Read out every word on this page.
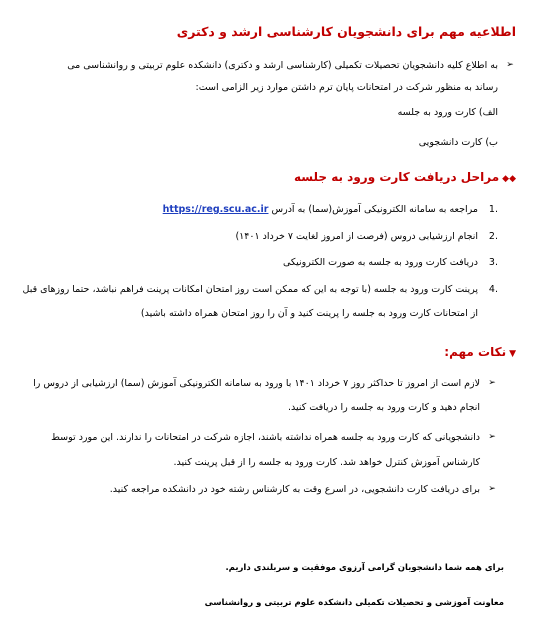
اطلاعیه مهم برای دانشجویان کارشناسی ارشد و دکتری
➢
به اطلاع کلیه دانشجویان تحصیلات تکمیلی (کارشناسی ارشد و دکتری) دانشکده علوم تربیتی و روانشناسی می
رساند به منظور شرکت در امتحانات پایان ترم داشتن موارد زیر الزامی است:
الف) کارت ورود به جلسه
ب) کارت دانشجویی
◆◆مراحل دریافت کارت ورود به جلسه
1.
مراجعه به سامانه الکترونیکی آموزش(سما) به آدرس https://reg.scu.ac.ir
2.
انجام ارزشیابی دروس (فرصت از امروز لغایت ۷ خرداد ۱۴۰۱)
3.
دریافت کارت ورود به جلسه به صورت الکترونیکی
4.
پرینت کارت ورود به جلسه (با توجه به این که ممکن است روز امتحان امکانات پرینت فراهم نباشد، حتما روزهای قبل
از امتحانات کارت ورود به جلسه را پرینت کنید و آن را روز امتحان همراه داشته باشید)
▼نکات مهم:
➢
لازم است از امروز تا حداکثر روز ۷ خرداد ۱۴۰۱ با ورود به سامانه الکترونیکی آموزش (سما) ارزشیابی از دروس را
انجام دهید و کارت ورود به جلسه را دریافت کنید.
➢
دانشجویانی که کارت ورود به جلسه همراه نداشته باشند، اجازه شرکت در امتحانات را ندارند. این مورد توسط
کارشناس آموزش کنترل خواهد شد. کارت ورود به جلسه را از قبل پرینت کنید.
➢
برای دریافت کارت دانشجویی، در اسرع وقت به کارشناس رشته خود در دانشکده مراجعه کنید.
برای همه شما دانشجویان گرامی آرزوی موفقیت و سربلندی داریم.
معاونت آموزشی و تحصیلات تکمیلی دانشکده علوم تربیتی و روانشناسی
